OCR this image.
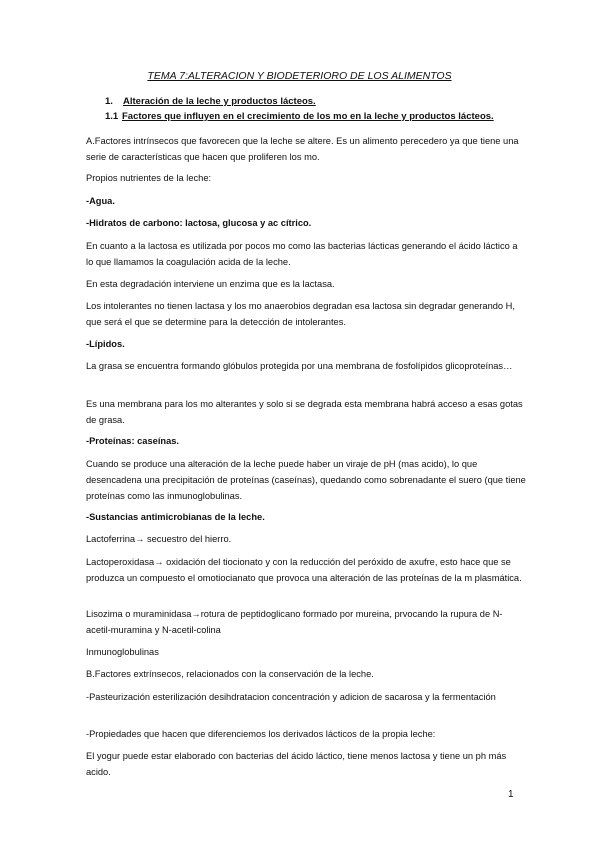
TEMA 7:ALTERACION Y BIODETERIORO DE LOS ALIMENTOS
1. Alteración de la leche y productos lácteos.
1.1 Factores que influyen en el crecimiento de los mo en la leche y productos lácteos.

A.Factores intrínsecos que favorecen que la leche se altere. Es un alimento perecedero ya que tiene una serie de características que hacen que proliferen los mo.

Propios nutrientes de la leche:

-Agua.

-Hidratos de carbono: lactosa, glucosa y ac cítrico.

En cuanto a la lactosa es utilizada por pocos mo como las bacterias lácticas generando el ácido láctico a lo que llamamos la coagulación acida de la leche.

En esta degradación interviene un enzima que es la lactasa.

Los intolerantes no tienen lactasa y los mo anaerobios degradan esa lactosa sin degradar generando H, que será el que se determine para la detección de intolerantes.

-Lípidos.

La grasa se encuentra formando glóbulos protegida por una membrana de fosfolípidos glicoproteínas…

Es una membrana para los mo alterantes y solo si se degrada esta membrana habrá acceso a esas gotas de grasa.

-Proteínas: caseínas.

Cuando se produce una alteración de la leche puede haber un viraje de pH (mas acido), lo que desencadena una precipitación de proteínas (caseínas), quedando como sobrenadante el suero (que tiene proteínas como las inmunoglobulinas.

-Sustancias antimicrobianas de la leche.

Lactoferrina→ secuestro del hierro.

Lactoperoxidasa→ oxidación del tiocionato y con la reducción del peróxido de axufre, esto hace que se produzca un compuesto el omotiocianato que provoca una alteración de las proteínas de la m plasmática.

Lisozima o muraminidasa→rotura de peptidoglicano formado por mureina, prvocando la rupura de N-acetil-muramina y N-acetil-colina

Inmunoglobulinas

B.Factores extrínsecos, relacionados con la conservación de la leche.

-Pasteurización esterilización desihdratacion concentración y adicion de sacarosa y la fermentación

-Propiedades que hacen que diferenciemos los derivados lácticos de la propia leche:

El yogur puede estar elaborado con bacterias del ácido láctico, tiene menos lactosa y tiene un ph más acido.

1
